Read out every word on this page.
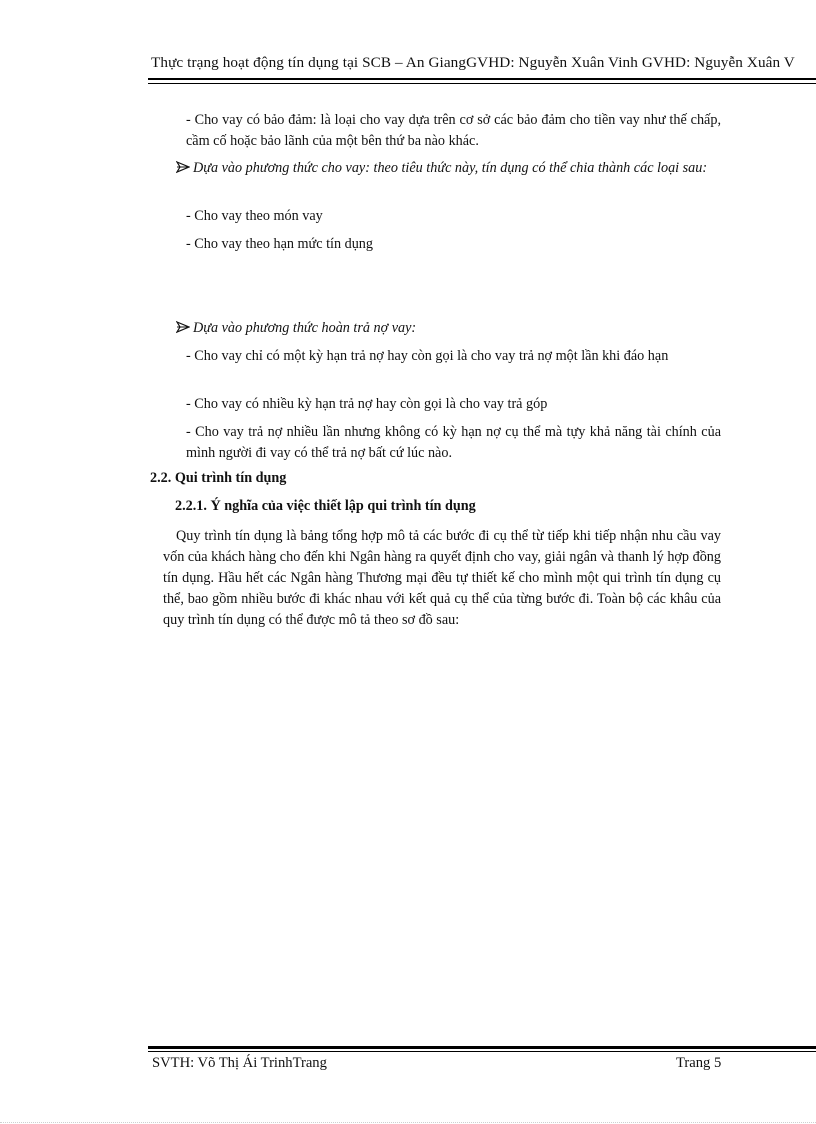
Thực trạng hoạt động tín dụng tại SCB – An GiangGVHD: Nguyễn Xuân Vinh GVHD: Nguyễn Xuân V
- Cho vay có bảo đảm: là loại cho vay dựa trên cơ sở các bảo đảm cho tiền vay như thế chấp, cầm cố hoặc bảo lãnh của một bên thứ ba nào khác.
Dựa vào phương thức cho vay: theo tiêu thức này, tín dụng có thể chia thành các loại sau:
- Cho vay theo món vay
- Cho vay theo hạn mức tín dụng
Dựa vào phương thức hoàn trả nợ vay:
- Cho vay chỉ có một kỳ hạn trả nợ hay còn gọi là cho vay trả nợ một lần khi đáo hạn
- Cho vay có nhiều kỳ hạn trả nợ hay còn gọi là cho vay trả góp
- Cho vay trả nợ nhiều lần nhưng không có kỳ hạn nợ cụ thể mà tựy khả năng tài chính của mình người đi vay có thể trả nợ bất cứ lúc nào.
2.2. Qui trình tín dụng
2.2.1. Ý nghĩa của việc thiết lập qui trình tín dụng
Quy trình tín dụng là bảng tổng hợp mô tả các bước đi cụ thể từ tiếp khi tiếp nhận nhu cầu vay vốn của khách hàng cho đến khi Ngân hàng ra quyết định cho vay, giải ngân và thanh lý hợp đồng tín dụng. Hầu hết các Ngân hàng Thương mại đều tự thiết kế cho mình một qui trình tín dụng cụ thể, bao gồm nhiều bước đi khác nhau với kết quả cụ thể của từng bước đi. Toàn bộ các khâu của quy trình tín dụng có thể được mô tả theo sơ đồ sau:
SVTH: Võ Thị Ái TrinhTrang	Trang 5
